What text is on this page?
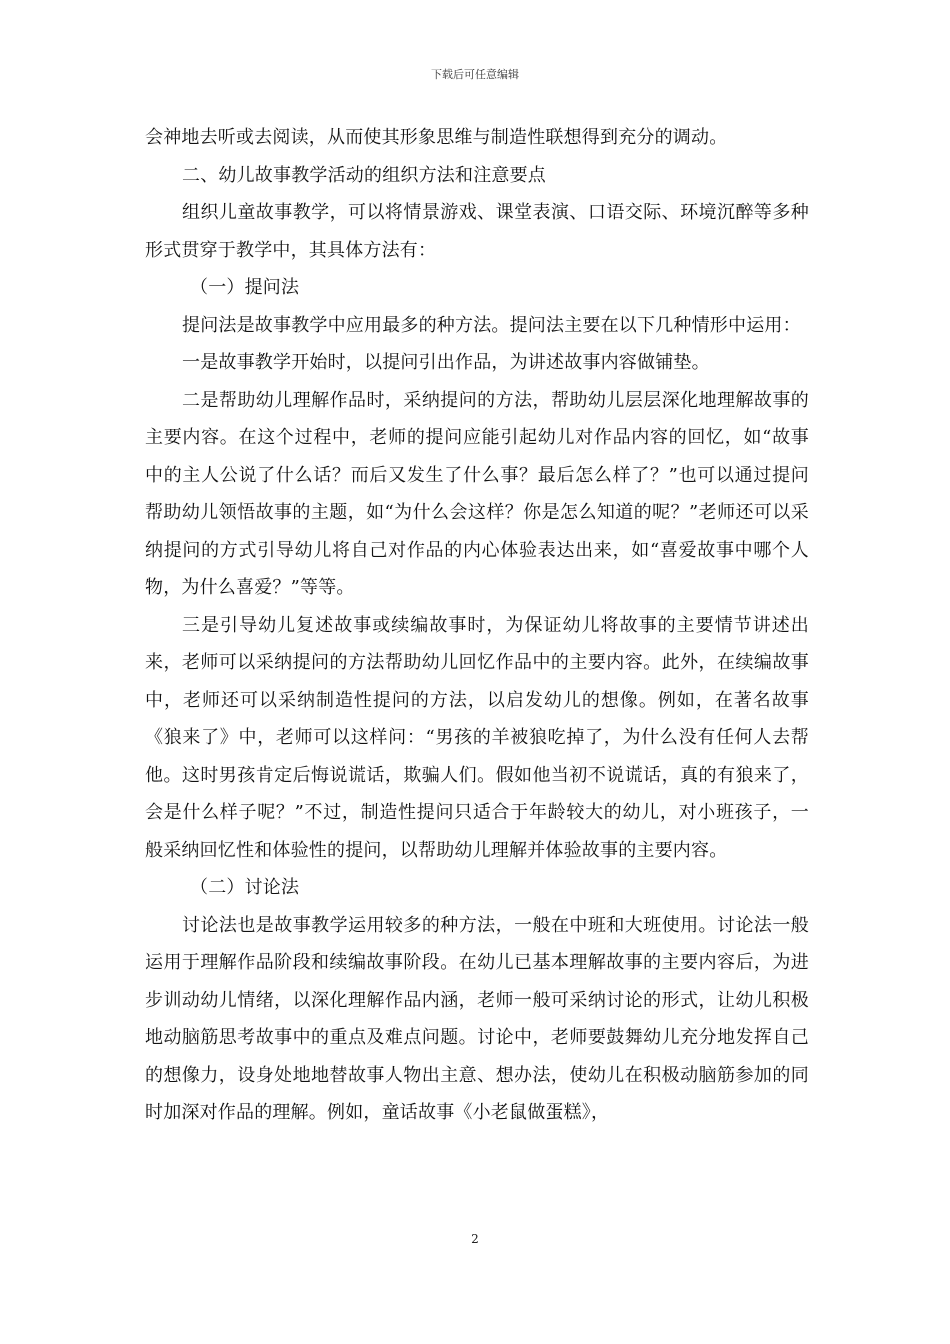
下载后可任意编辑

会神地去听或去阅读，从而使其形象思维与制造性联想得到充分的调动。

二、幼儿故事教学活动的组织方法和注意要点

组织儿童故事教学，可以将情景游戏、课堂表演、口语交际、环境沉醉等多种形式贯穿于教学中，其具体方法有：

（一）提问法

提问法是故事教学中应用最多的种方法。提问法主要在以下几种情形中运用：

一是故事教学开始时，以提问引出作品，为讲述故事内容做铺垫。

二是帮助幼儿理解作品时，采纳提问的方法，帮助幼儿层层深化地理解故事的主要内容。在这个过程中，老师的提问应能引起幼儿对作品内容的回忆，如“故事中的主人公说了什么话？而后又发生了什么事？最后怎么样了？”也可以通过提问帮助幼儿领悟故事的主题，如“为什么会这样？你是怎么知道的呢？”老师还可以采纳提问的方式引导幼儿将自己对作品的内心体验表达出来，如“喜爱故事中哪个人物，为什么喜爱？”等等。

三是引导幼儿复述故事或续编故事时，为保证幼儿将故事的主要情节讲述出来，老师可以采纳提问的方法帮助幼儿回忆作品中的主要内容。此外，在续编故事中，老师还可以采纳制造性提问的方法，以启发幼儿的想像。例如，在著名故事《狼来了》中，老师可以这样问：“男孩的羊被狼吃掉了，为什么没有任何人去帮他。这时男孩肯定后悔说谎话，欺骗人们。假如他当初不说谎话，真的有狼来了，会是什么样子呢？”不过，制造性提问只适合于年龄较大的幼儿，对小班孩子，一般采纳回忆性和体验性的提问，以帮助幼儿理解并体验故事的主要内容。

（二）讨论法

讨论法也是故事教学运用较多的种方法，一般在中班和大班使用。讨论法一般运用于理解作品阶段和续编故事阶段。在幼儿已基本理解故事的主要内容后，为进步训动幼儿情绪，以深化理解作品内涵，老师一般可采纳讨论的形式，让幼儿积极地动脑筋思考故事中的重点及难点问题。讨论中，老师要鼓舞幼儿充分地发挥自己的想像力，设身处地地替故事人物出主意、想办法，使幼儿在积极动脑筋参加的同时加深对作品的理解。例如，童话故事《小老鼠做蛋糕》，

2
